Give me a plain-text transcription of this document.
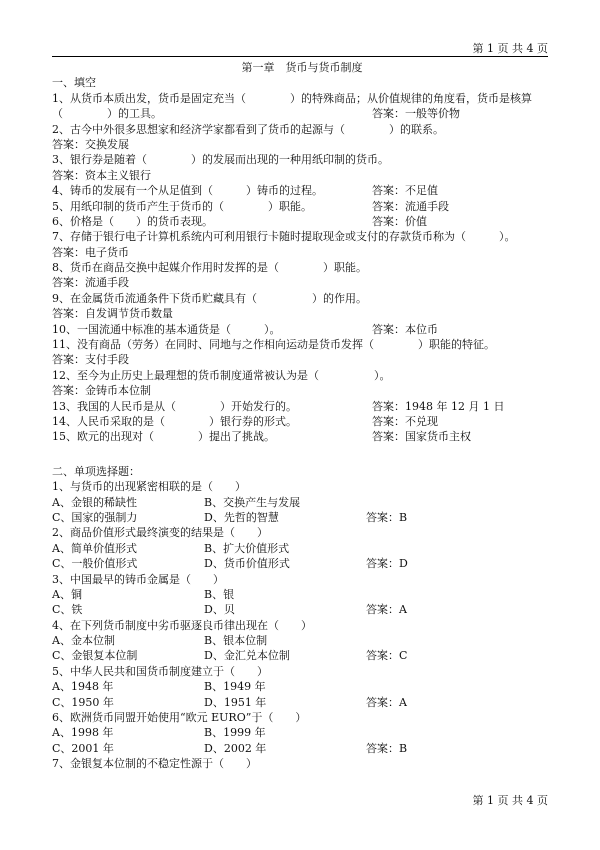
第 1 页 共 4 页
第一章　货币与货币制度
一、填空
1、从货币本质出发，货币是固定充当（　　　　）的特殊商品；从价值规律的角度看，货币是核算
（　　　　）的工具。	答案：一般等价物
2、古今中外很多思想家和经济学家都看到了货币的起源与（　　　　）的联系。
答案：交换发展
3、银行券是随着（　　　　）的发展而出现的一种用纸印制的货币。
答案：资本主义银行
4、铸币的发展有一个从足值到（　　　）铸币的过程。	答案：不足值
5、用纸印制的货币产生于货币的（　　　　）职能。	答案：流通手段
6、价格是（　　）的货币表现。	答案：价值
7、存储于银行电子计算机系统内可利用银行卡随时提取现金或支付的存款货币称为（　　　）。
答案：电子货币
8、货币在商品交换中起媒介作用时发挥的是（　　　　）职能。
答案：流通手段
9、在金属货币流通条件下货币贮藏具有（　　　　　）的作用。
答案：自发调节货币数量
10、一国流通中标准的基本通货是（　　　）。	答案：本位币
11、没有商品（劳务）在同时、同地与之作相向运动是货币发挥（　　　　）职能的特征。
答案：支付手段
12、至今为止历史上最理想的货币制度通常被认为是（　　　　　）。
答案：金铸币本位制
13、我国的人民币是从（　　　　）开始发行的。	答案：1948 年 12 月 1 日
14、人民币采取的是（　　　　）银行券的形式。	答案：不兑现
15、欧元的出现对（　　　　）提出了挑战。	答案：国家货币主权
二、单项选择题：
1、与货币的出现紧密相联的是（　　）
A、金银的稀缺性	B、交换产生与发展
C、国家的强制力	D、先哲的智慧	答案：B
2、商品价值形式最终演变的结果是（　　）
A、简单价值形式	B、扩大价值形式
C、一般价值形式	D、货币价值形式	答案：D
3、中国最早的铸币金属是（　　）
A、铜	B、银
C、铁	D、贝	答案：A
4、在下列货币制度中劣币驱逐良币律出现在（　　）
A、金本位制	B、银本位制
C、金银复本位制	D、金汇兑本位制	答案：C
5、中华人民共和国货币制度建立于（　　）
A、1948 年	B、1949 年
C、1950 年	D、1951 年	答案：A
6、欧洲货币同盟开始使用“欧元 EURO”于（　　）
A、1998 年	B、1999 年
C、2001 年	D、2002 年	答案：B
7、金银复本位制的不稳定性源于（　　）
第 1 页 共 4 页
